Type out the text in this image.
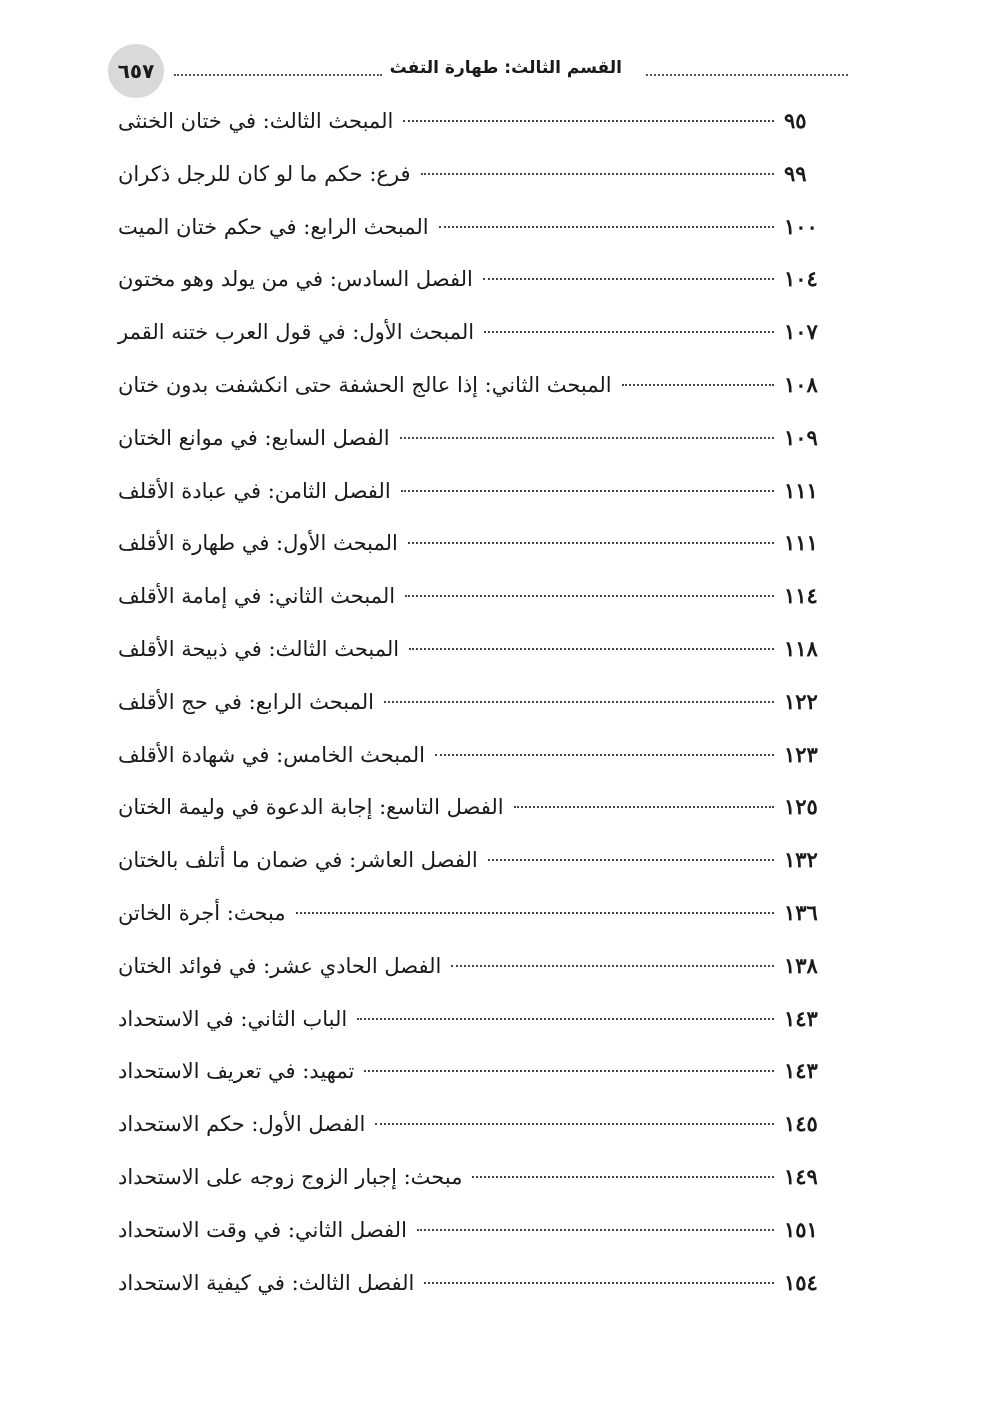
القسم الثالث: طهارة التفث
٦٥٧
المبحث الثالث: في ختان الخنثى	٩٥
فرع: حكم ما لو كان للرجل ذكران	٩٩
المبحث الرابع: في حكم ختان الميت	١٠٠
الفصل السادس: في من يولد وهو مختون	١٠٤
المبحث الأول: في قول العرب ختنه القمر	١٠٧
المبحث الثاني: إذا عالج الحشفة حتى انكشفت بدون ختان	١٠٨
الفصل السابع: في موانع الختان	١٠٩
الفصل الثامن: في عبادة الأقلف	١١١
المبحث الأول: في طهارة الأقلف	١١١
المبحث الثاني: في إمامة الأقلف	١١٤
المبحث الثالث: في ذبيحة الأقلف	١١٨
المبحث الرابع: في حج الأقلف	١٢٢
المبحث الخامس: في شهادة الأقلف	١٢٣
الفصل التاسع: إجابة الدعوة في وليمة الختان	١٢٥
الفصل العاشر: في ضمان ما أتلف بالختان	١٣٢
مبحث: أجرة الخاتن	١٣٦
الفصل الحادي عشر: في فوائد الختان	١٣٨
الباب الثاني: في الاستحداد	١٤٣
تمهيد: في تعريف الاستحداد	١٤٣
الفصل الأول: حكم الاستحداد	١٤٥
مبحث: إجبار الزوج زوجه على الاستحداد	١٤٩
الفصل الثاني: في وقت الاستحداد	١٥١
الفصل الثالث: في كيفية الاستحداد	١٥٤
